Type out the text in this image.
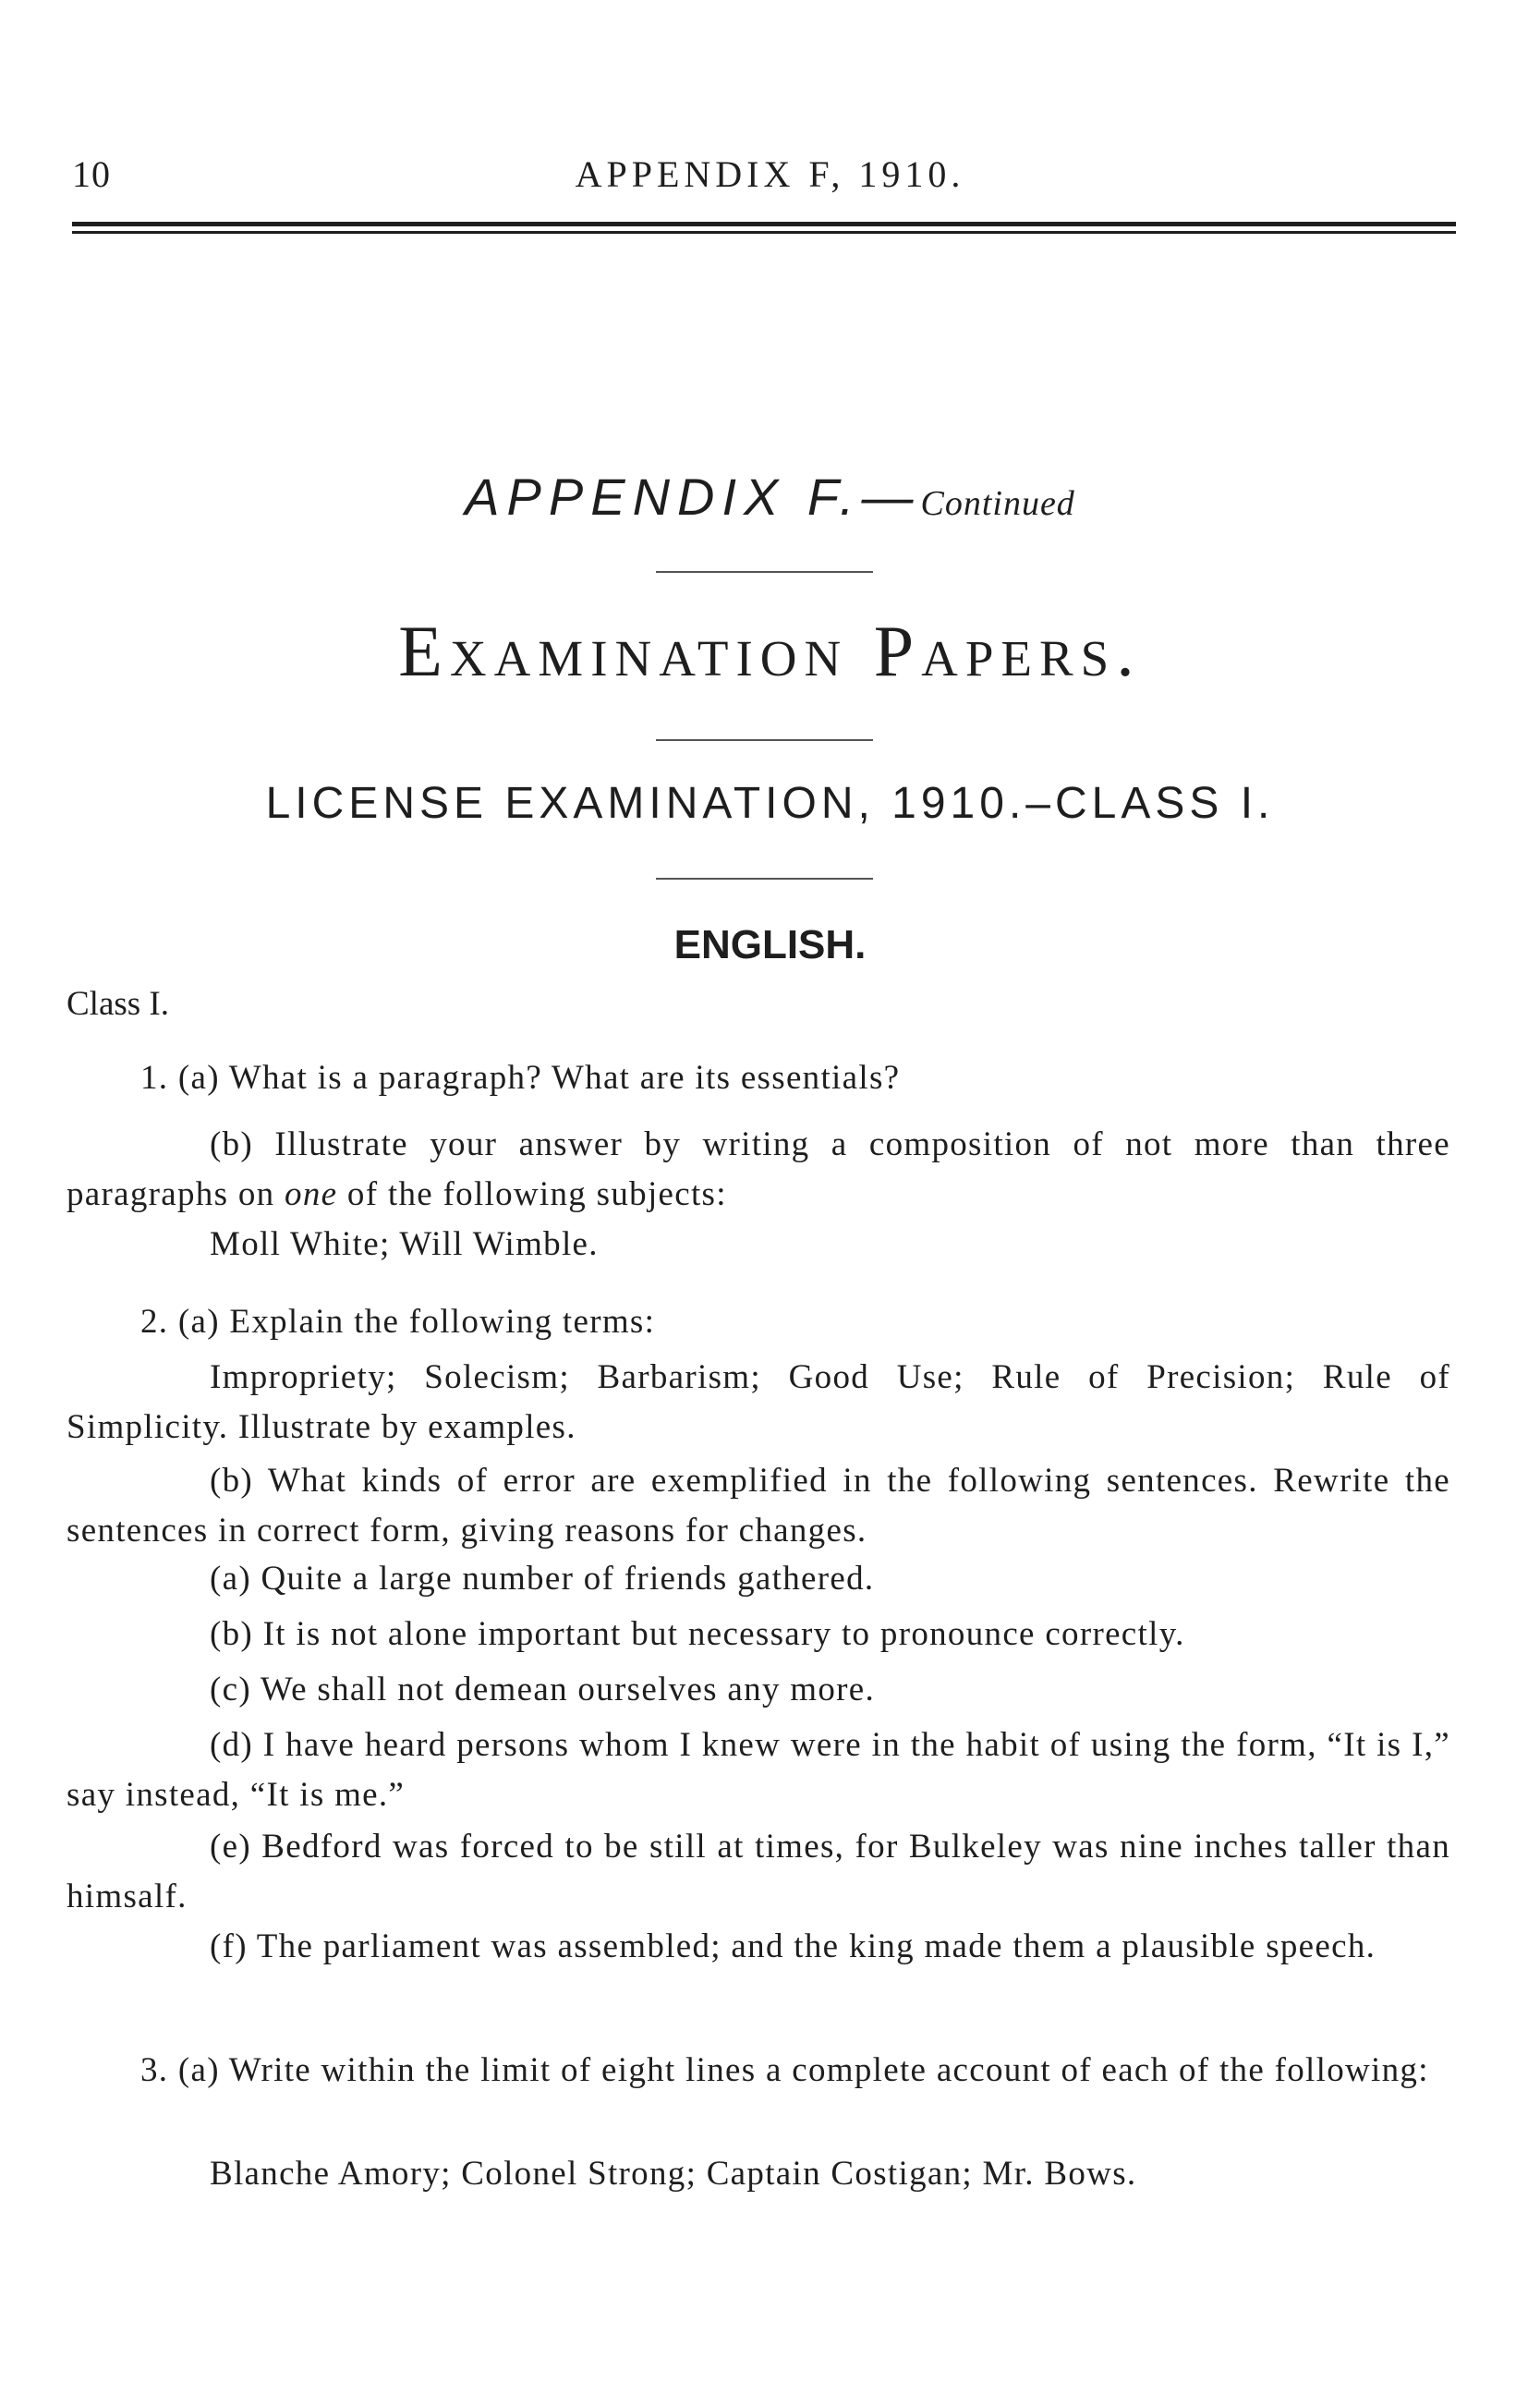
10	APPENDIX F, 1910.
APPENDIX F.—Continued
Examination Papers.
LICENSE EXAMINATION, 1910.–CLASS I.
ENGLISH.
Class I.
1. (a) What is a paragraph? What are its essentials?
(b) Illustrate your answer by writing a composition of not more than three paragraphs on one of the following subjects:
Moll White; Will Wimble.
2. (a) Explain the following terms:
Impropriety; Solecism; Barbarism; Good Use; Rule of Precision; Rule of Simplicity. Illustrate by examples.
(b) What kinds of error are exemplified in the following sentences. Rewrite the sentences in correct form, giving reasons for changes.
(a) Quite a large number of friends gathered.
(b) It is not alone important but necessary to pronounce correctly.
(c) We shall not demean ourselves any more.
(d) I have heard persons whom I knew were in the habit of using the form, “It is I,” say instead, “It is me.”
(e) Bedford was forced to be still at times, for Bulkeley was nine inches taller than himsalf.
(f) The parliament was assembled; and the king made them a plausible speech.
3. (a) Write within the limit of eight lines a complete account of each of the following:
Blanche Amory; Colonel Strong; Captain Costigan; Mr. Bows.
